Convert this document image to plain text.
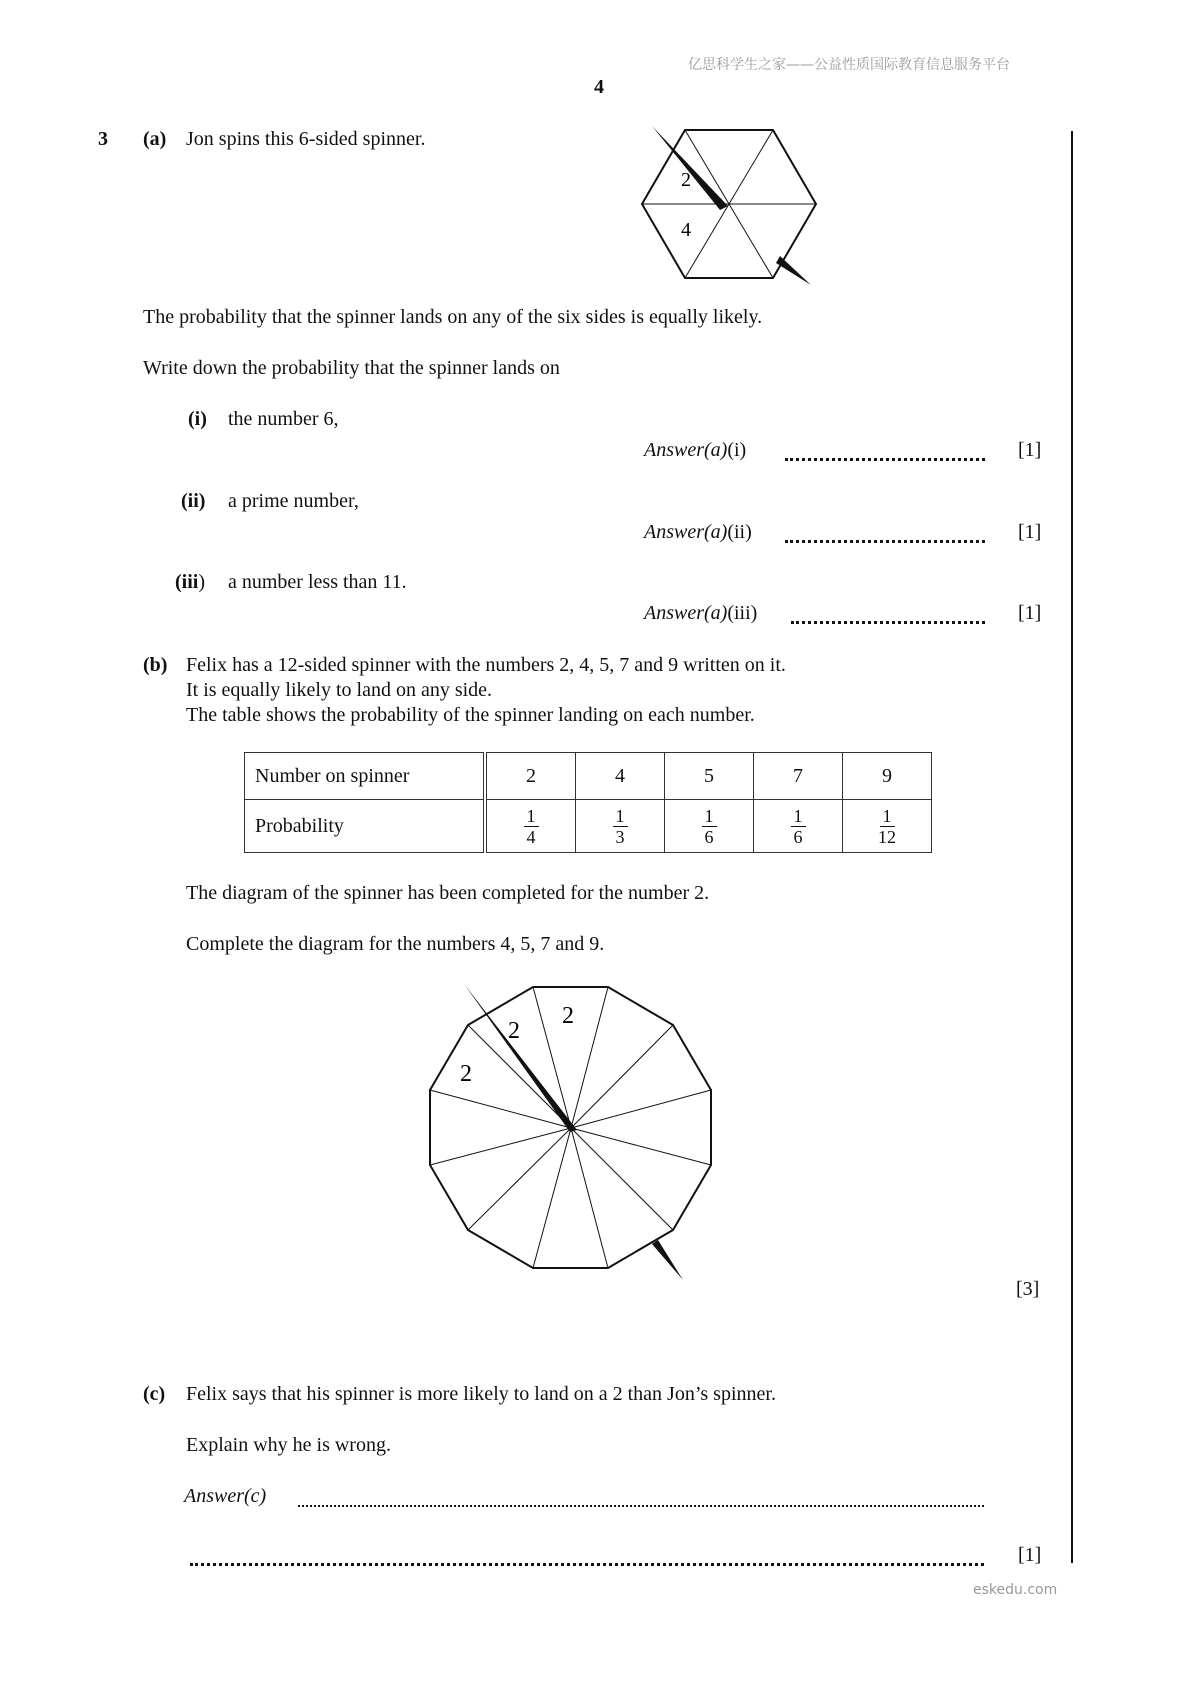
亿思科学生之家——公益性质国际教育信息服务平台
4
3 (a) Jon spins this 6-sided spinner.
2
4
The probability that the spinner lands on any of the six sides is equally likely.
Write down the probability that the spinner lands on
(i) the number 6,
Answer(a)(i)	[1]
(ii) a prime number,
Answer(a)(ii)	[1]
(iii) a number less than 11.
Answer(a)(iii)	[1]
(b) Felix has a 12-sided spinner with the numbers 2, 4, 5, 7 and 9 written on it.
It is equally likely to land on any side.
The table shows the probability of the spinner landing on each number.
Number on spinner	2	4	5	7	9
Probability	$\frac{1}{4}$	$\frac{1}{3}$	$\frac{1}{6}$	$\frac{1}{6}$	$\frac{1}{12}$
The diagram of the spinner has been completed for the number 2.
Complete the diagram for the numbers 4, 5, 7 and 9.
2
2
2
[3]
(c) Felix says that his spinner is more likely to land on a 2 than Jon’s spinner.
Explain why he is wrong.
Answer(c)
[1]
eskedu.com
